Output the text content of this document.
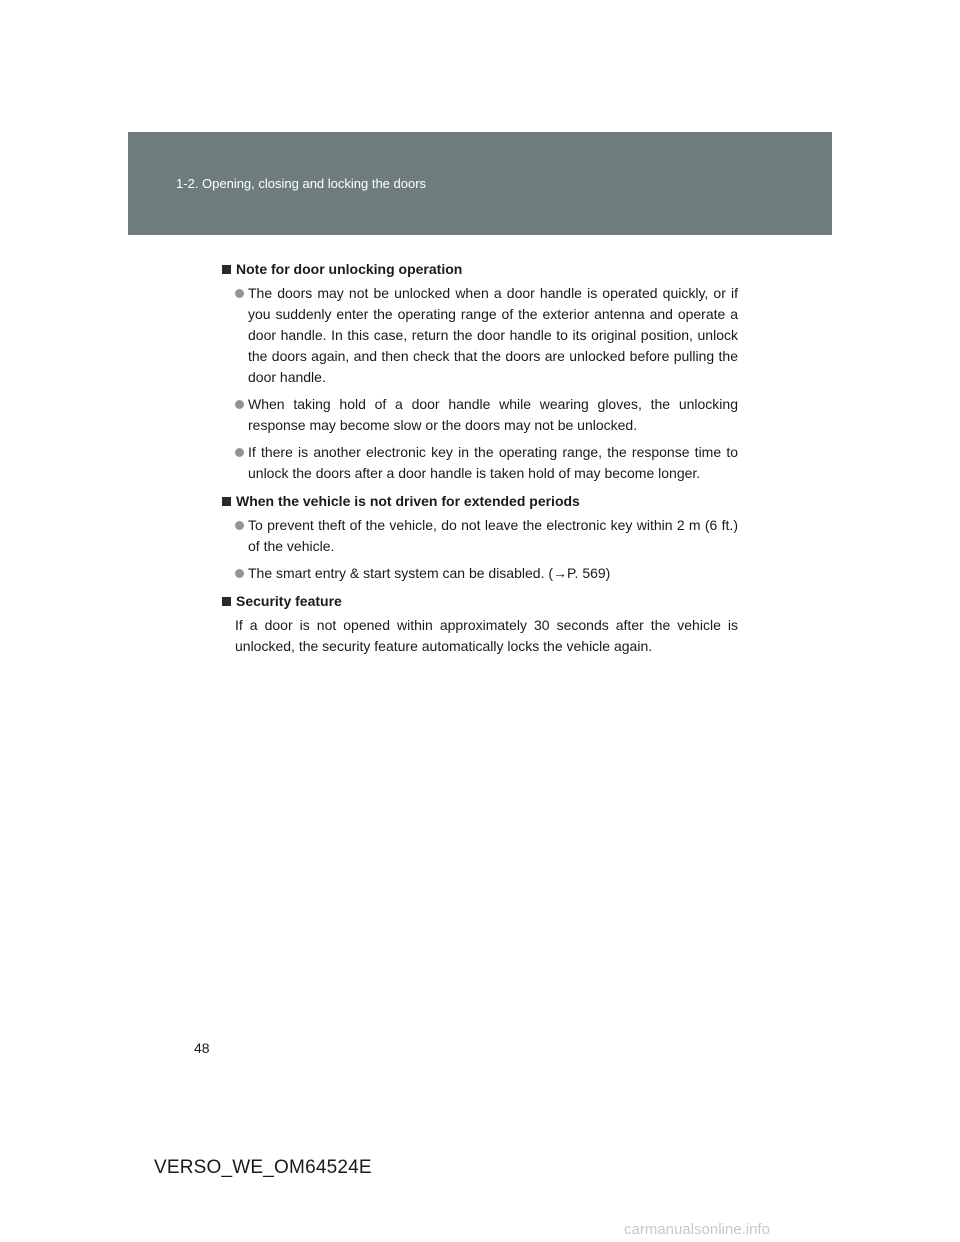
1-2. Opening, closing and locking the doors
Note for door unlocking operation
The doors may not be unlocked when a door handle is operated quickly, or if you suddenly enter the operating range of the exterior antenna and operate a door handle. In this case, return the door handle to its original position, unlock the doors again, and then check that the doors are unlocked before pulling the door handle.
When taking hold of a door handle while wearing gloves, the unlocking response may become slow or the doors may not be unlocked.
If there is another electronic key in the operating range, the response time to unlock the doors after a door handle is taken hold of may become longer.
When the vehicle is not driven for extended periods
To prevent theft of the vehicle, do not leave the electronic key within 2 m (6 ft.) of the vehicle.
The smart entry & start system can be disabled. (→P. 569)
Security feature
If a door is not opened within approximately 30 seconds after the vehicle is unlocked, the security feature automatically locks the vehicle again.
48
VERSO_WE_OM64524E
carmanualsonline.info
